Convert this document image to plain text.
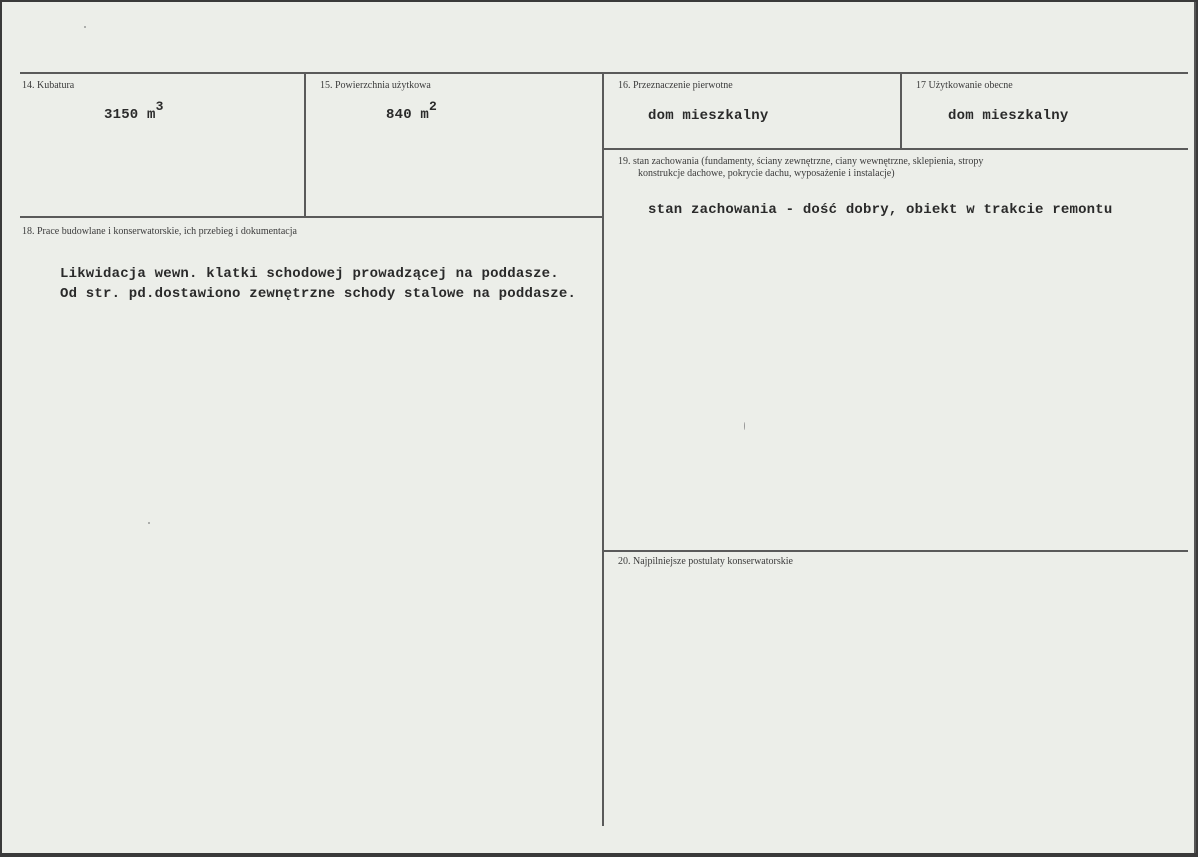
14. Kubatura
3150 m3
15. Powierzchnia użytkowa
840 m2
16. Przeznaczenie pierwotne
dom mieszkalny
17 Użytkowanie obecne
dom mieszkalny
18. Prace budowlane i konserwatorskie, ich przebieg i dokumentacja
Likwidacja wewn. klatki schodowej prowadzącej na poddasze.
Od str. pd.dostawiono zewnętrzne schody stalowe na poddasze.
19. stan zachowania (fundamenty, ściany zewnętrzne, ciany wewnętrzne, sklepienia, stropy
konstrukcje dachowe, pokrycie dachu, wyposażenie i instalacje)
stan zachowania - dość dobry, obiekt w trakcie remontu
20. Najpilniejsze postulaty konserwatorskie
